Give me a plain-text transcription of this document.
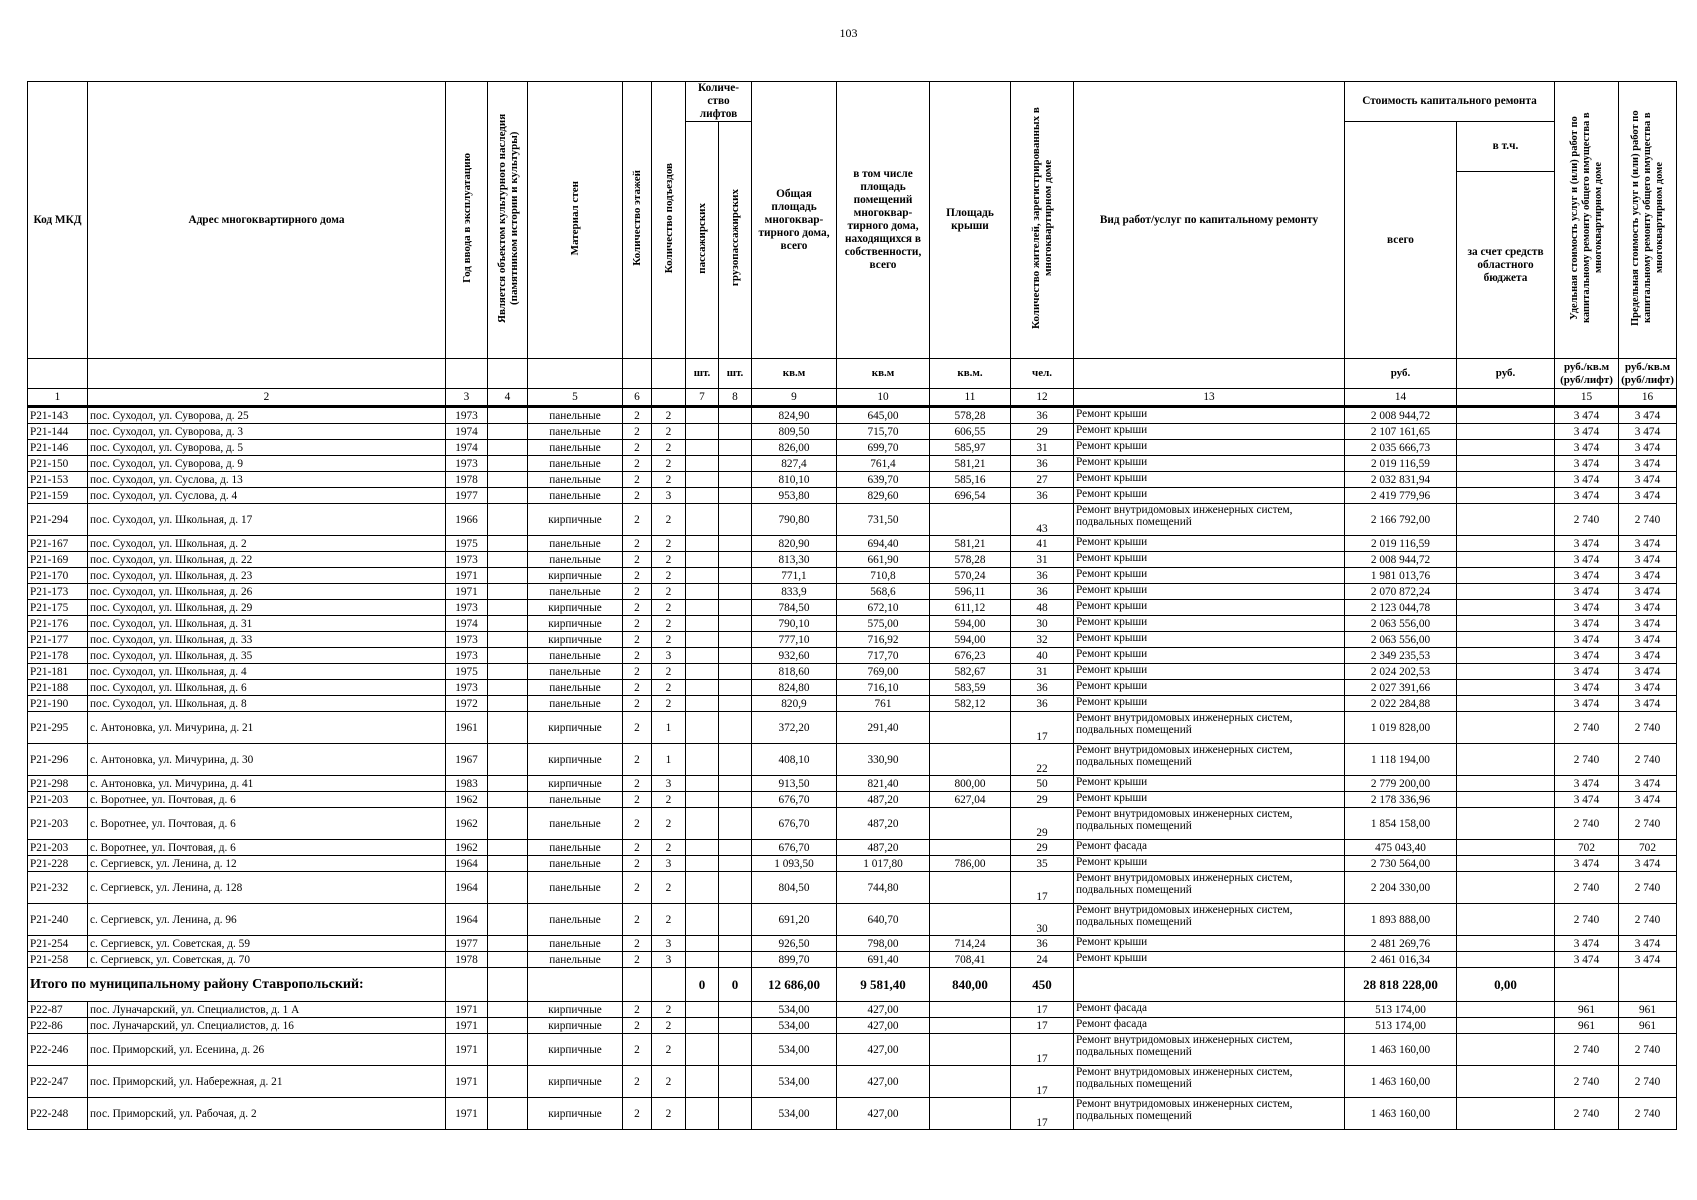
103
Код МКД	Адрес многоквартирного дома	Год ввода в эксплуатацию	Является объектом культурного наследия (памятником истории и культуры)	Материал стен	Количество этажей	Количество подъездов	Количе-ство лифтов		Общая площадь многоквар-тирного дома, всего	в том числе площадь помещений многоквар-тирного дома, находящихся в собственности, всего	Площадь крыши	Количество жителей, зарегистрированных в многоквартирном доме	Вид работ/услуг по капитальному ремонту	Стоимость капитального ремонта		Удельная стоимость услуг и (или) работ по капитальному ремонту общего имущества в многоквартирном доме	Предельная стоимость услуг и (или) работ по капитальному ремонту общего имущества в многоквартирном доме
							пассажирских	грузопассажирских						всего	в т.ч.		
															за счет средств областного бюджета		
							шт.	шт.	кв.м	кв.м	кв.м.	чел.		руб.	руб.	руб./кв.м (руб/лифт)	руб./кв.м (руб/лифт)
1	2	3	4	5	6		7	8	9	10	11	12	13	14		15	16
Р21-143	пос. Суходол, ул. Суворова, д. 25	1973		панельные	2	2			824,90	645,00	578,28	36	Ремонт крыши	2 008 944,72		3 474	3 474
Р21-144	пос. Суходол, ул. Суворова, д. 3	1974		панельные	2	2			809,50	715,70	606,55	29	Ремонт крыши	2 107 161,65		3 474	3 474
Р21-146	пос. Суходол, ул. Суворова, д. 5	1974		панельные	2	2			826,00	699,70	585,97	31	Ремонт крыши	2 035 666,73		3 474	3 474
Р21-150	пос. Суходол, ул. Суворова, д. 9	1973		панельные	2	2			827,4	761,4	581,21	36	Ремонт крыши	2 019 116,59		3 474	3 474
Р21-153	пос. Суходол, ул. Суслова, д. 13	1978		панельные	2	2			810,10	639,70	585,16	27	Ремонт крыши	2 032 831,94		3 474	3 474
Р21-159	пос. Суходол, ул. Суслова, д. 4	1977		панельные	2	3			953,80	829,60	696,54	36	Ремонт крыши	2 419 779,96		3 474	3 474
Р21-294	пос. Суходол, ул. Школьная, д. 17	1966		кирпичные	2	2			790,80	731,50		43	Ремонт внутридомовых инженерных систем, подвальных помещений	2 166 792,00		2 740	2 740
Р21-167	пос. Суходол, ул. Школьная, д. 2	1975		панельные	2	2			820,90	694,40	581,21	41	Ремонт крыши	2 019 116,59		3 474	3 474
Р21-169	пос. Суходол, ул. Школьная, д. 22	1973		панельные	2	2			813,30	661,90	578,28	31	Ремонт крыши	2 008 944,72		3 474	3 474
Р21-170	пос. Суходол, ул. Школьная, д. 23	1971		кирпичные	2	2			771,1	710,8	570,24	36	Ремонт крыши	1 981 013,76		3 474	3 474
Р21-173	пос. Суходол, ул. Школьная, д. 26	1971		панельные	2	2			833,9	568,6	596,11	36	Ремонт крыши	2 070 872,24		3 474	3 474
Р21-175	пос. Суходол, ул. Школьная, д. 29	1973		кирпичные	2	2			784,50	672,10	611,12	48	Ремонт крыши	2 123 044,78		3 474	3 474
Р21-176	пос. Суходол, ул. Школьная, д. 31	1974		кирпичные	2	2			790,10	575,00	594,00	30	Ремонт крыши	2 063 556,00		3 474	3 474
Р21-177	пос. Суходол, ул. Школьная, д. 33	1973		кирпичные	2	2			777,10	716,92	594,00	32	Ремонт крыши	2 063 556,00		3 474	3 474
Р21-178	пос. Суходол, ул. Школьная, д. 35	1973		панельные	2	3			932,60	717,70	676,23	40	Ремонт крыши	2 349 235,53		3 474	3 474
Р21-181	пос. Суходол, ул. Школьная, д. 4	1975		панельные	2	2			818,60	769,00	582,67	31	Ремонт крыши	2 024 202,53		3 474	3 474
Р21-188	пос. Суходол, ул. Школьная, д. 6	1973		панельные	2	2			824,80	716,10	583,59	36	Ремонт крыши	2 027 391,66		3 474	3 474
Р21-190	пос. Суходол, ул. Школьная, д. 8	1972		панельные	2	2			820,9	761	582,12	36	Ремонт крыши	2 022 284,88		3 474	3 474
Р21-295	с. Антоновка, ул. Мичурина, д. 21	1961		кирпичные	2	1			372,20	291,40		17	Ремонт внутридомовых инженерных систем, подвальных помещений	1 019 828,00		2 740	2 740
Р21-296	с. Антоновка, ул. Мичурина, д. 30	1967		кирпичные	2	1			408,10	330,90		22	Ремонт внутридомовых инженерных систем, подвальных помещений	1 118 194,00		2 740	2 740
Р21-298	с. Антоновка, ул. Мичурина, д. 41	1983		кирпичные	2	3			913,50	821,40	800,00	50	Ремонт крыши	2 779 200,00		3 474	3 474
Р21-203	с. Воротнее, ул. Почтовая, д. 6	1962		панельные	2	2			676,70	487,20	627,04	29	Ремонт крыши	2 178 336,96		3 474	3 474
Р21-203	с. Воротнее, ул. Почтовая, д. 6	1962		панельные	2	2			676,70	487,20		29	Ремонт внутридомовых инженерных систем, подвальных помещений	1 854 158,00		2 740	2 740
Р21-203	с. Воротнее, ул. Почтовая, д. 6	1962		панельные	2	2			676,70	487,20		29	Ремонт фасада	475 043,40		702	702
Р21-228	с. Сергиевск, ул. Ленина, д. 12	1964		панельные	2	3			1 093,50	1 017,80	786,00	35	Ремонт крыши	2 730 564,00		3 474	3 474
Р21-232	с. Сергиевск, ул. Ленина, д. 128	1964		панельные	2	2			804,50	744,80		17	Ремонт внутридомовых инженерных систем, подвальных помещений	2 204 330,00		2 740	2 740
Р21-240	с. Сергиевск, ул. Ленина, д. 96	1964		панельные	2	2			691,20	640,70		30	Ремонт внутридомовых инженерных систем, подвальных помещений	1 893 888,00		2 740	2 740
Р21-254	с. Сергиевск, ул. Советская, д. 59	1977		панельные	2	3			926,50	798,00	714,24	36	Ремонт крыши	2 481 269,76		3 474	3 474
Р21-258	с. Сергиевск, ул. Советская, д. 70	1978		панельные	2	3			899,70	691,40	708,41	24	Ремонт крыши	2 461 016,34		3 474	3 474
Итого по муниципальному району Ставропольский:							0	0	12 686,00	9 581,40	840,00	450		28 818 228,00	0,00		
Р22-87	пос. Луначарский, ул. Специалистов, д. 1 А	1971		кирпичные	2	2			534,00	427,00		17	Ремонт фасада	513 174,00		961	961
Р22-86	пос. Луначарский, ул. Специалистов, д. 16	1971		кирпичные	2	2			534,00	427,00		17	Ремонт фасада	513 174,00		961	961
Р22-246	пос. Приморский, ул. Есенина, д. 26	1971		кирпичные	2	2			534,00	427,00		17	Ремонт внутридомовых инженерных систем, подвальных помещений	1 463 160,00		2 740	2 740
Р22-247	пос. Приморский, ул. Набережная, д. 21	1971		кирпичные	2	2			534,00	427,00		17	Ремонт внутридомовых инженерных систем, подвальных помещений	1 463 160,00		2 740	2 740
Р22-248	пос. Приморский, ул. Рабочая, д. 2	1971		кирпичные	2	2			534,00	427,00		17	Ремонт внутридомовых инженерных систем, подвальных помещений	1 463 160,00		2 740	2 740
